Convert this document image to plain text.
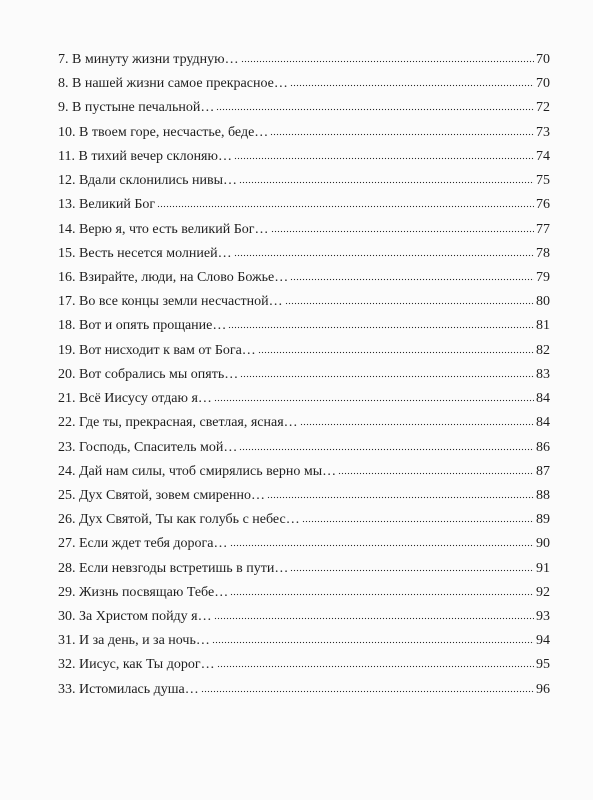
7. В минуту жизни трудную…	70
8. В нашей жизни самое прекрасное…	70
9. В пустыне печальной…	72
10. В твоем горе, несчастье, беде…	73
11. В тихий вечер склоняю…	74
12. Вдали склонились нивы…	75
13. Великий Бог	76
14. Верю я, что есть великий Бог…	77
15. Весть несется молнией…	78
16. Взирайте, люди, на Слово Божье…	79
17. Во все концы земли несчастной…	80
18. Вот и опять прощание…	81
19. Вот нисходит к вам от Бога…	82
20. Вот собрались мы опять…	83
21. Всё Иисусу отдаю я…	84
22. Где ты, прекрасная, светлая, ясная…	84
23. Господь, Спаситель мой…	86
24. Дай нам силы, чтоб смирялись верно мы…	87
25. Дух Святой, зовем смиренно…	88
26. Дух Святой, Ты как голубь с небес…	89
27. Если ждет тебя дорога…	90
28. Если невзгоды встретишь в пути…	91
29. Жизнь посвящаю Тебе…	92
30. За Христом пойду я…	93
31. И за день, и за ночь…	94
32. Иисус, как Ты дорог…	95
33. Истомилась душа…	96
